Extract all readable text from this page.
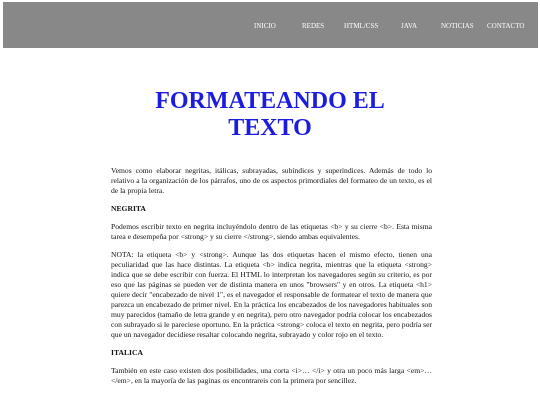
INICIO	REDES	HTML/CSS	JAVA	NOTICIAS CONTACTO
FORMATEANDO EL
TEXTO

Vemos como elaborar negritas, itálicas, subrayadas, subíndices y superíndices. Además de todo lo relativo a la organización de los párrafos, uno de os aspectos primordiales del formateo de un texto, es el de la propia letra.

NEGRITA

Podemos escribir texto en negrita incluyéndolo dentro de las etiquetas <b> y su cierre <b>. Esta misma tarea e desempeña por <strong> y su cierre </strong>, siendo ambas equivalentes.

NOTA: la etiqueta <b> y <strong>. Aunque las dos etiquetas hacen el mismo efecto, tienen una peculiaridad que las hace distintas. La etiqueta <b> indica negrita, mientras que la etiqueta <strong> indica que se debe escribir con fuerza. El HTML lo interpretan los navegadores según su criterio, es por eso que las páginas se pueden ver de distinta manera en unos "browsers" y en otros. La etiqueta <h1> quiere decir "encabezado de nivel 1", es el navegador el responsable de formatear el texto de manera que parezca un encabezado de primer nivel. En la práctica los encabezados de los navegadores habituales son muy parecidos (tamaño de letra grande y en negrita), pero otro navegador podría colocar los encabezados con subrayado si le pareciese oportuno. En la práctica <strong> coloca el texto en negrita, pero podría ser que un navegador decidiese resaltar colocando negrita, subrayado y color rojo en el texto.

ITALICA

También en este caso existen dos posibilidades, una corta <i>… </i> y otra un poco más larga <em>… </em>, en la mayoría de las paginas os encontrareis con la primera por sencillez.
